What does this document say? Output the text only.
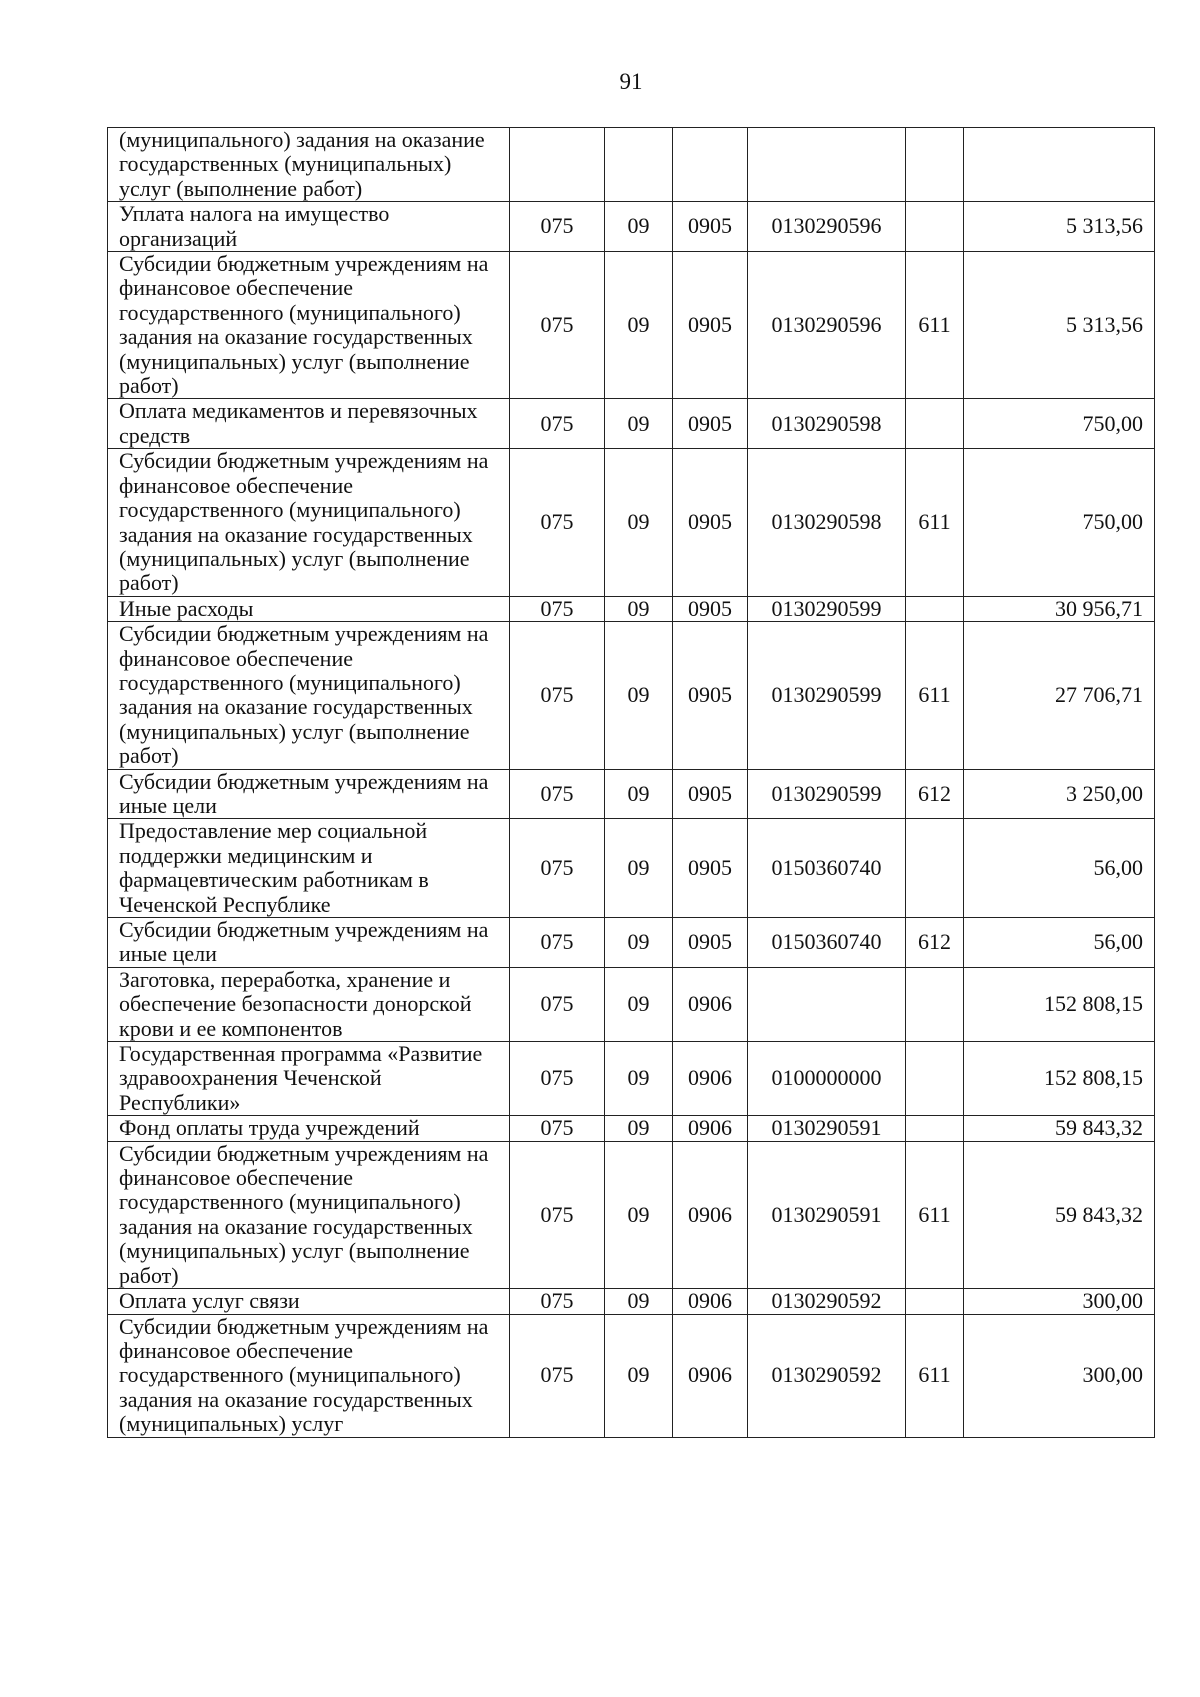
91
(муниципального) задания на оказание государственных (муниципальных) услуг (выполнение работ)						
Уплата налога на имущество организаций	075	09	0905	0130290596		5 313,56
Субсидии бюджетным учреждениям на финансовое обеспечение государственного (муниципального) задания на оказание государственных (муниципальных) услуг (выполнение работ)	075	09	0905	0130290596	611	5 313,56
Оплата медикаментов и перевязочных средств	075	09	0905	0130290598		750,00
Субсидии бюджетным учреждениям на финансовое обеспечение государственного (муниципального) задания на оказание государственных (муниципальных) услуг (выполнение работ)	075	09	0905	0130290598	611	750,00
Иные расходы	075	09	0905	0130290599		30 956,71
Субсидии бюджетным учреждениям на финансовое обеспечение государственного (муниципального) задания на оказание государственных (муниципальных) услуг (выполнение работ)	075	09	0905	0130290599	611	27 706,71
Субсидии бюджетным учреждениям на иные цели	075	09	0905	0130290599	612	3 250,00
Предоставление мер социальной поддержки медицинским и фармацевтическим работникам в Чеченской Республике	075	09	0905	0150360740		56,00
Субсидии бюджетным учреждениям на иные цели	075	09	0905	0150360740	612	56,00
Заготовка, переработка, хранение и обеспечение безопасности донорской крови и ее компонентов	075	09	0906			152 808,15
Государственная программа «Развитие здравоохранения Чеченской Республики»	075	09	0906	0100000000		152 808,15
Фонд оплаты труда учреждений	075	09	0906	0130290591		59 843,32
Субсидии бюджетным учреждениям на финансовое обеспечение государственного (муниципального) задания на оказание государственных (муниципальных) услуг (выполнение работ)	075	09	0906	0130290591	611	59 843,32
Оплата услуг связи	075	09	0906	0130290592		300,00
Субсидии бюджетным учреждениям на финансовое обеспечение государственного (муниципального) задания на оказание государственных (муниципальных) услуг	075	09	0906	0130290592	611	300,00
